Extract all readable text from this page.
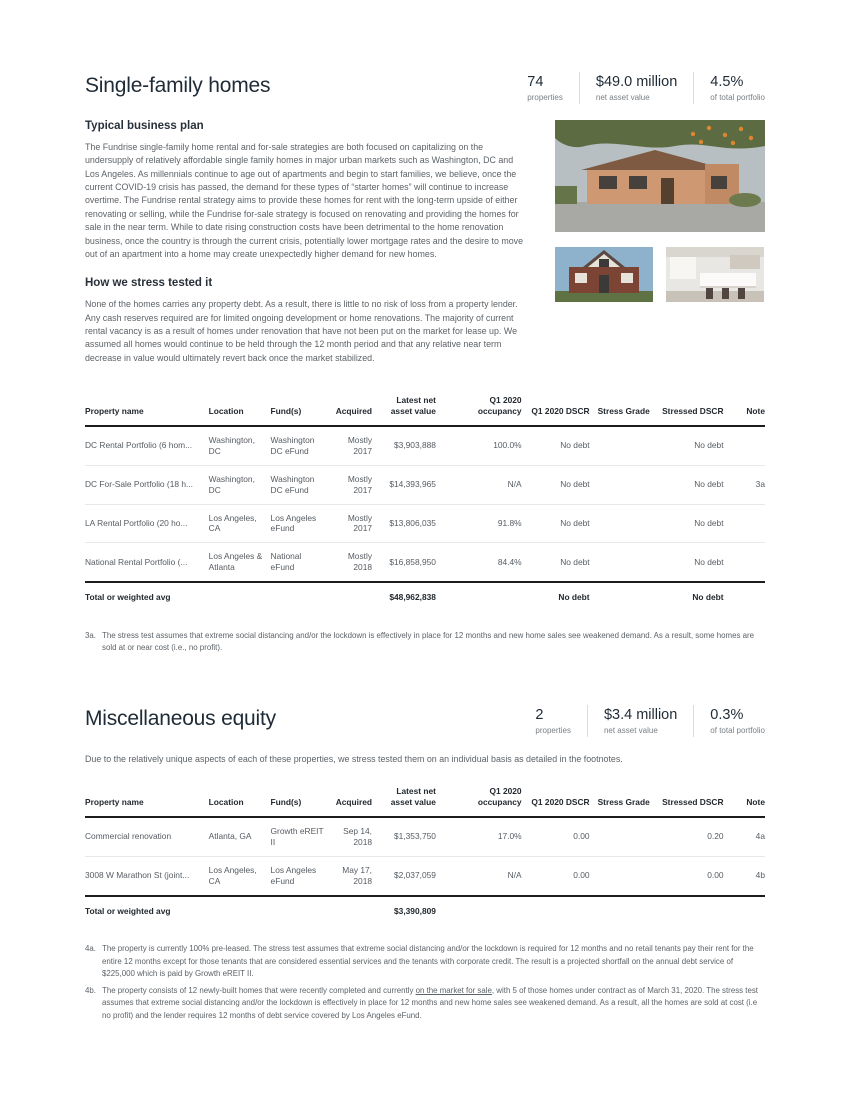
Single-family homes	74
properties
$49.0 million
net asset value
4.5%
of total portfolio
Typical business plan

The Fundrise single-family home rental and for-sale strategies are both focused on capitalizing on the undersupply of relatively affordable single family homes in major urban markets such as Washington, DC and Los Angeles. As millennials continue to age out of apartments and begin to start families, we believe, once the current COVID-19 crisis has passed, the demand for these types of “starter homes” will continue to increase overtime. The Fundrise rental strategy aims to provide these homes for rent with the long-term upside of either renovating or selling, while the Fundrise for-sale strategy is focused on renovating and providing the homes for sale in the near term. While to date rising construction costs have been detrimental to the home renovation business, once the country is through the current crisis, potentially lower mortgage rates and the desire to move out of an apartment into a home may create unexpectedly higher demand for new homes.

How we stress tested it

None of the homes carries any property debt. As a result, there is little to no risk of loss from a property lender. Any cash reserves required are for limited ongoing development or home renovations. The majority of current rental vacancy is as a result of homes under renovation that have not been put on the market for lease up. We assumed all homes would continue to be held through the 12 month period and that any relative near term decrease in value would ultimately revert back once the market stabilized.

Property name	Location	Fund(s)	Acquired	Latest net asset value	Q1 2020 occupancy	Q1 2020 DSCR	Stress Grade	Stressed DSCR	Note
DC Rental Portfolio (6 hom...	Washington, DC	Washington DC eFund	Mostly 2017	$3,903,888	100.0%	No debt		No debt	
DC For-Sale Portfolio (18 h...	Washington, DC	Washington DC eFund	Mostly 2017	$14,393,965	N/A	No debt		No debt	3a
LA Rental Portfolio (20 ho...	Los Angeles, CA	Los Angeles eFund	Mostly 2017	$13,806,035	91.8%	No debt		No debt	
National Rental Portfolio (...	Los Angeles & Atlanta	National eFund	Mostly 2018	$16,858,950	84.4%	No debt		No debt	
Total or weighted avg				$48,962,838		No debt		No debt	
3a. The stress test assumes that extreme social distancing and/or the lockdown is effectively in place for 12 months and new home sales see weakened demand. As a result, some homes are sold at or near cost (i.e., no profit).
Miscellaneous equity	2
properties
$3.4 million
net asset value
0.3%
of total portfolio

Due to the relatively unique aspects of each of these properties, we stress tested them on an individual basis as detailed in the footnotes.

Property name	Location	Fund(s)	Acquired	Latest net asset value	Q1 2020 occupancy	Q1 2020 DSCR	Stress Grade	Stressed DSCR	Note
Commercial renovation	Atlanta, GA	Growth eREIT II	Sep 14, 2018	$1,353,750	17.0%	0.00		0.20	4a
3008 W Marathon St (joint...	Los Angeles, CA	Los Angeles eFund	May 17, 2018	$2,037,059	N/A	0.00		0.00	4b
Total or weighted avg				$3,390,809					
4a. The property is currently 100% pre-leased. The stress test assumes that extreme social distancing and/or the lockdown is required for 12 months and no retail tenants pay their rent for the entire 12 months except for those tenants that are considered essential services and the tenants with corporate credit. The result is a projected shortfall on the annual debt service of $225,000 which is paid by Growth eREIT II.
4b. The property consists of 12 newly-built homes that were recently completed and currently on the market for sale, with 5 of those homes under contract as of March 31, 2020. The stress test assumes that extreme social distancing and/or the lockdown is effectively in place for 12 months and new home sales see weakened demand. As a result, all the homes are sold at cost (i.e no profit) and the lender requires 12 months of debt service covered by Los Angeles eFund.
